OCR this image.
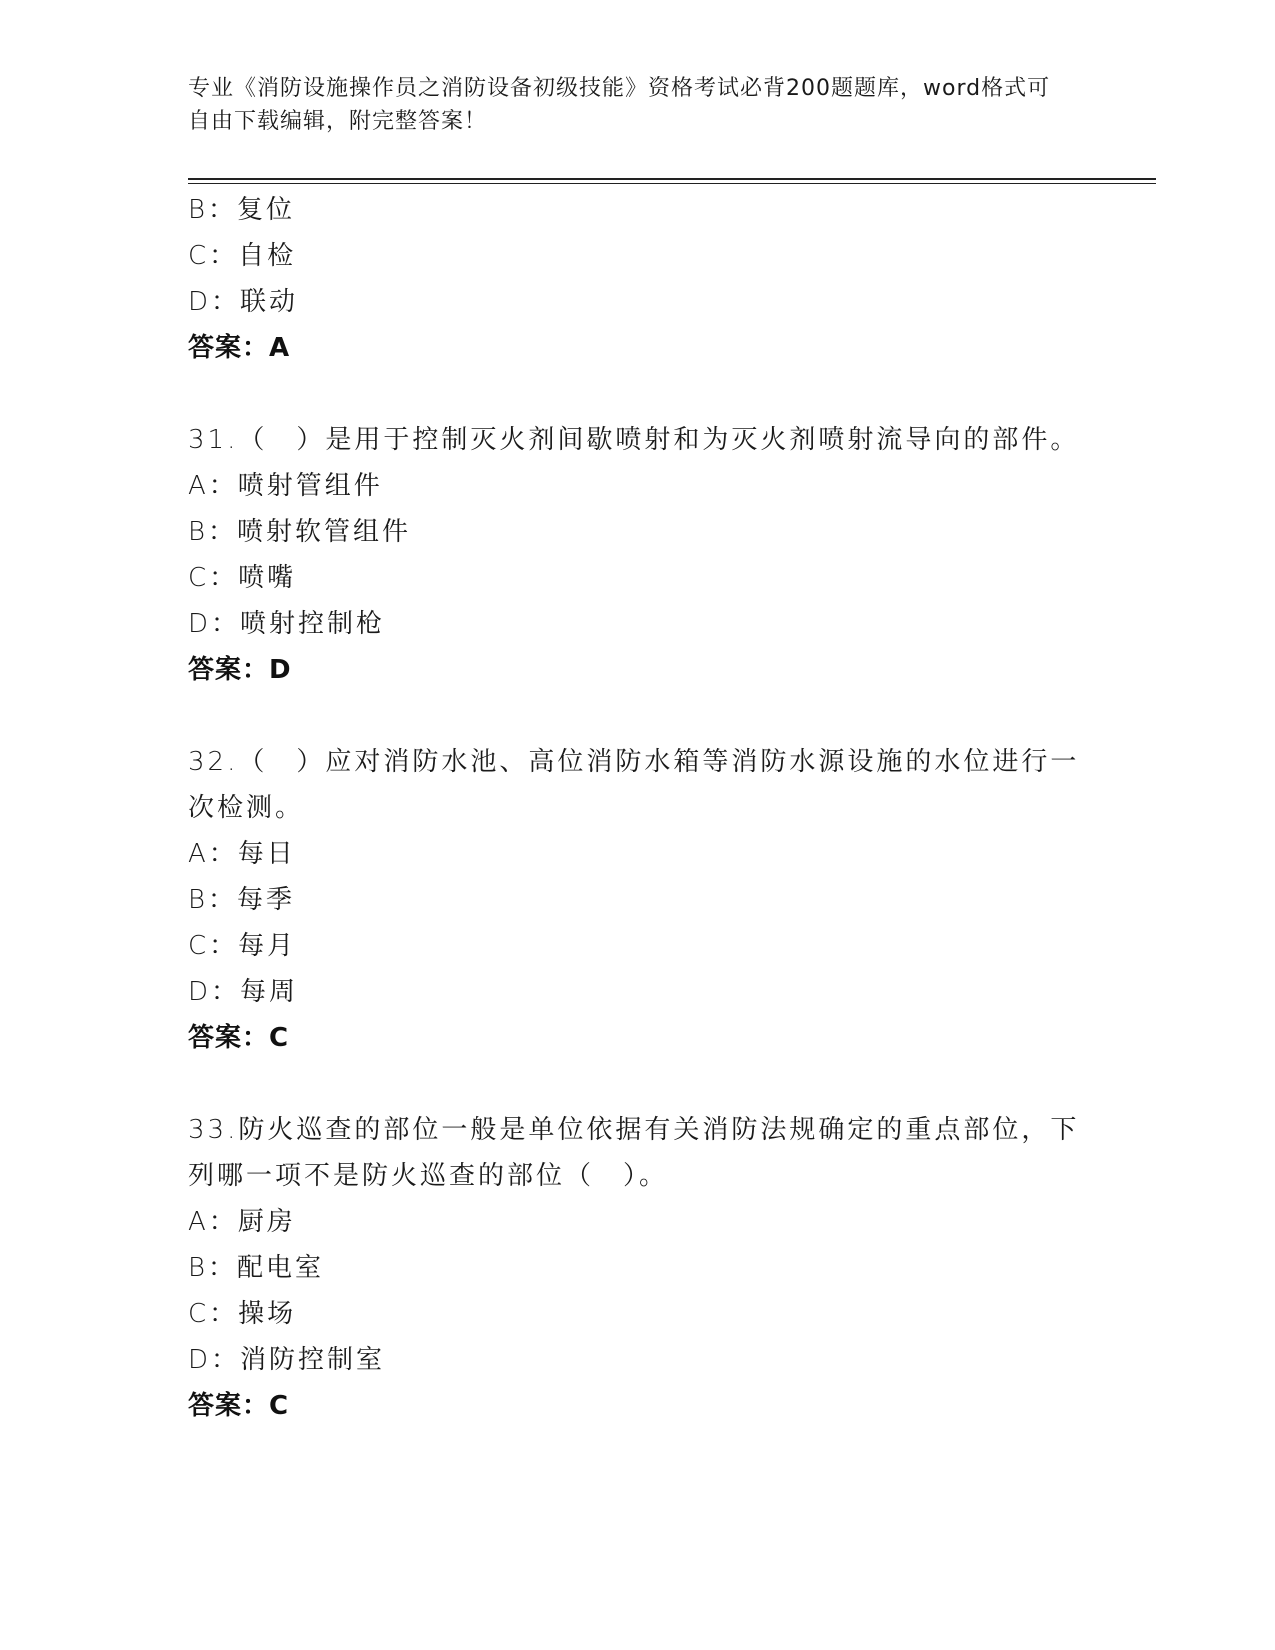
专业《消防设施操作员之消防设备初级技能》资格考试必背200题题库，word格式可自由下载编辑，附完整答案！
B：复位
C：自检
D：联动
答案：A
31.（　）是用于控制灭火剂间歇喷射和为灭火剂喷射流导向的部件。
A：喷射管组件
B：喷射软管组件
C：喷嘴
D：喷射控制枪
答案：D
32.（　）应对消防水池、高位消防水箱等消防水源设施的水位进行一次检测。
A：每日
B：每季
C：每月
D：每周
答案：C
33.防火巡查的部位一般是单位依据有关消防法规确定的重点部位，下列哪一项不是防火巡查的部位（　）。
A：厨房
B：配电室
C：操场
D：消防控制室
答案：C
